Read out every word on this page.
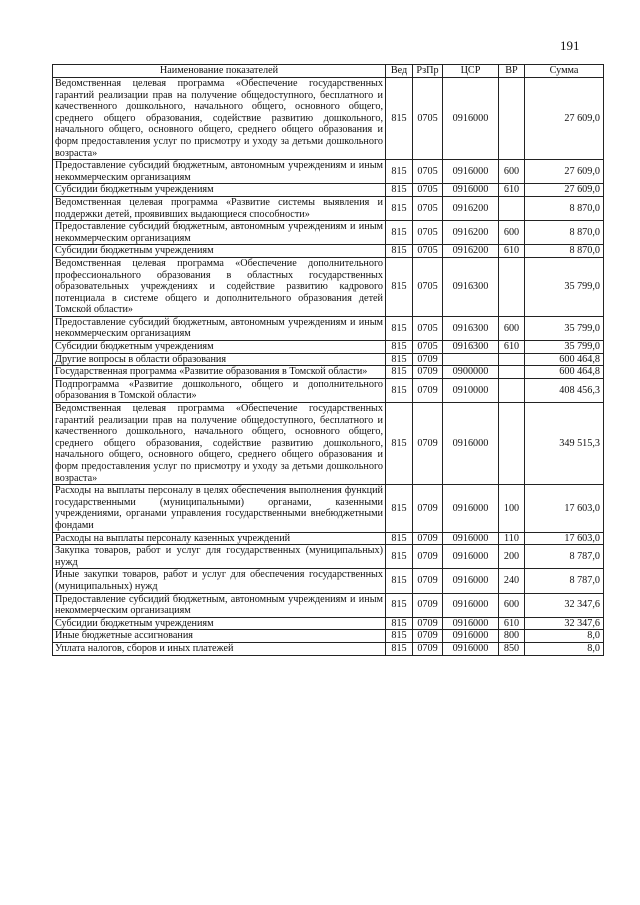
191
Наименование показателей	Вед	РзПр	ЦСР	ВР	Сумма
Ведомственная целевая программа «Обеспечение государственных гарантий реализации прав на получение общедоступного, бесплатного и качественного дошкольного, начального общего, основного общего, среднего общего образования, содействие развитию дошкольного, начального общего, основного общего, среднего общего образования и форм предоставления услуг по присмотру и уходу за детьми дошкольного возраста»	815	0705	0916000		27 609,0
Предоставление субсидий бюджетным, автономным учреждениям и иным некоммерческим организациям	815	0705	0916000	600	27 609,0
Субсидии бюджетным учреждениям	815	0705	0916000	610	27 609,0
Ведомственная целевая программа «Развитие системы выявления и поддержки детей, проявивших выдающиеся способности»	815	0705	0916200		8 870,0
Предоставление субсидий бюджетным, автономным учреждениям и иным некоммерческим организациям	815	0705	0916200	600	8 870,0
Субсидии бюджетным учреждениям	815	0705	0916200	610	8 870,0
Ведомственная целевая программа «Обеспечение дополнительного профессионального образования в областных государственных образовательных учреждениях и содействие развитию кадрового потенциала в системе общего и дополнительного образования детей Томской области»	815	0705	0916300		35 799,0
Предоставление субсидий бюджетным, автономным учреждениям и иным некоммерческим организациям	815	0705	0916300	600	35 799,0
Субсидии бюджетным учреждениям	815	0705	0916300	610	35 799,0
Другие вопросы в области образования	815	0709			600 464,8
Государственная программа «Развитие образования в Томской области»	815	0709	0900000		600 464,8
Подпрограмма «Развитие дошкольного, общего и дополнительного образования в Томской области»	815	0709	0910000		408 456,3
Ведомственная целевая программа «Обеспечение государственных гарантий реализации прав на получение общедоступного, бесплатного и качественного дошкольного, начального общего, основного общего, среднего общего образования, содействие развитию дошкольного, начального общего, основного общего, среднего общего образования и форм предоставления услуг по присмотру и уходу за детьми дошкольного возраста»	815	0709	0916000		349 515,3
Расходы на выплаты персоналу в целях обеспечения выполнения функций государственными (муниципальными) органами, казенными учреждениями, органами управления государственными внебюджетными фондами	815	0709	0916000	100	17 603,0
Расходы на выплаты персоналу казенных учреждений	815	0709	0916000	110	17 603,0
Закупка товаров, работ и услуг для государственных (муниципальных) нужд	815	0709	0916000	200	8 787,0
Иные закупки товаров, работ и услуг для обеспечения государственных (муниципальных) нужд	815	0709	0916000	240	8 787,0
Предоставление субсидий бюджетным, автономным учреждениям и иным некоммерческим организациям	815	0709	0916000	600	32 347,6
Субсидии бюджетным учреждениям	815	0709	0916000	610	32 347,6
Иные бюджетные ассигнования	815	0709	0916000	800	8,0
Уплата налогов, сборов и иных платежей	815	0709	0916000	850	8,0
